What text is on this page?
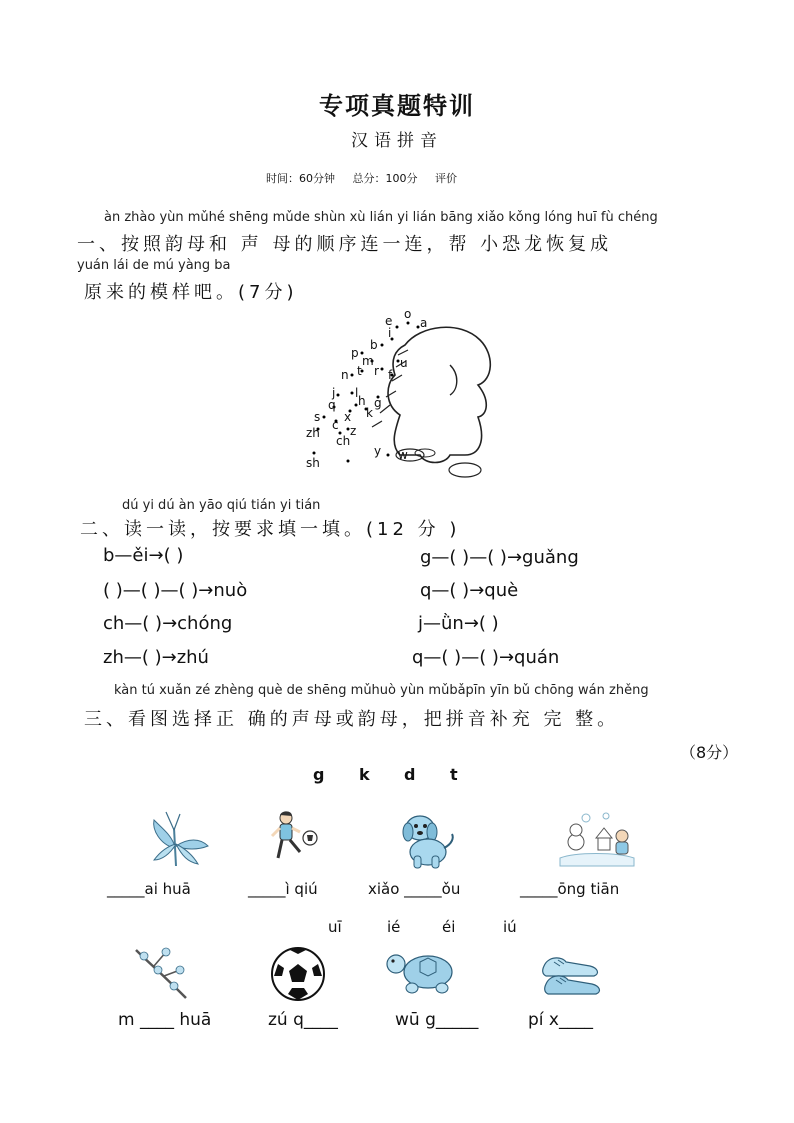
专项真题特训
汉语拼音
时间：60分钟 总分：100分 评价
àn zhào yùn mǔhé shēng mǔde shùn xù lián yi lián bāng xiǎo kǒng lóng huī fù chéng
一、按照韵母和 声 母的顺序连一连，帮 小恐龙恢复成
yuán lái de mú yàng ba
原来的模样吧。(7分)
e o
a
b
i
u
p
m
n t r f
j l
g
q h
s x k
z
zh
c
ch
sh
y w
dú yi dú àn yāo qiú tián yi tián
二、读一读，按要求填一填。(12 分 )
b—ěi→( )	g—( )—( )→guǎng
( )—( )—( )→nuò	q—( )→què
ch—( )→chóng	j—ǜn→( )
zh—( )→zhú	q—( )—( )→quán
kàn tú xuǎn zé zhèng què de shēng mǔhuò yùn mǔbǎpīn yīn bǔ chōng wán zhěng
三、看图选择正 确的声母或韵母，把拼音补充 完 整。
（8分）
g k d t
_____ai huā	_____ì qiú	xiǎo _____ǒu	_____ōng tiān
uī	ié	éi	iú
m ____ huā	zú q____	wū g_____	pí x____
